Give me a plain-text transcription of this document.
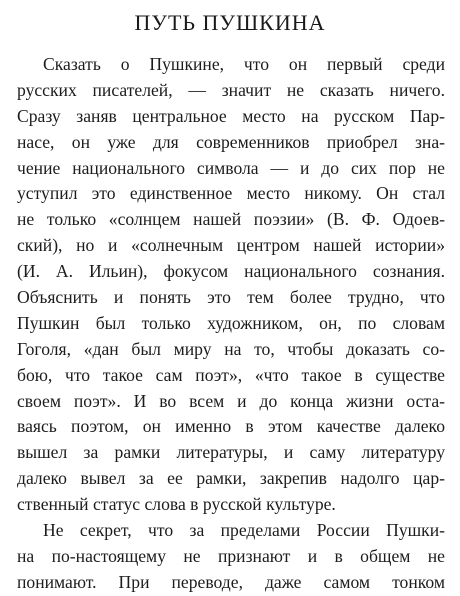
ПУТЬ ПУШКИНА
Сказать о Пушкине, что он первый среди
русских писателей, — значит не сказать ничего.
Сразу заняв центральное место на русском Пар-
насе, он уже для современников приобрел зна-
чение национального символа — и до сих пор не
уступил это единственное место никому. Он стал
не только «солнцем нашей поэзии» (В. Ф. Одоев-
ский), но и «солнечным центром нашей истории»
(И. А. Ильин), фокусом национального сознания.
Объяснить и понять это тем более трудно, что
Пушкин был только художником, он, по словам
Гоголя, «дан был миру на то, чтобы доказать со-
бою, что такое сам поэт», «что такое в существе
своем поэт». И во всем и до конца жизни оста-
ваясь поэтом, он именно в этом качестве далеко
вышел за рамки литературы, и саму литературу
далеко вывел за ее рамки, закрепив надолго цар-
ственный статус слова в русской культуре.
Не секрет, что за пределами России Пушки-
на по-настоящему не признают и в общем не
понимают. При переводе, даже самом тонком
